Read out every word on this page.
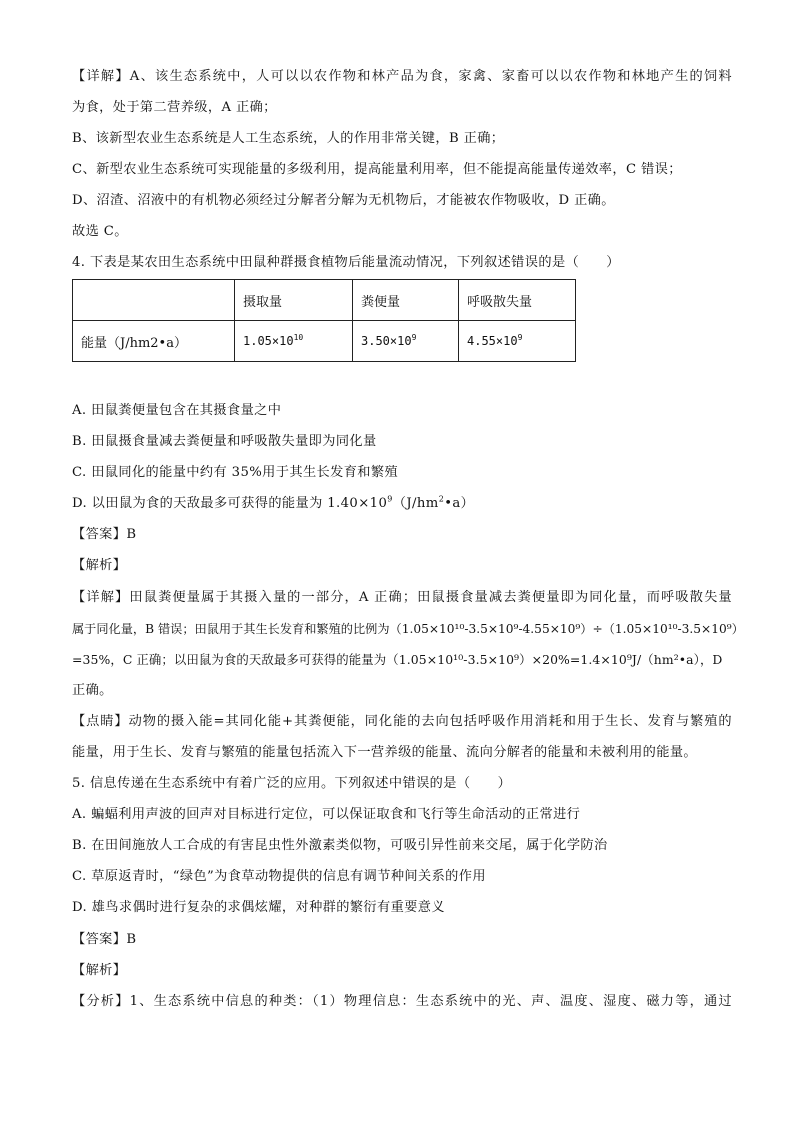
【详解】A、该生态系统中，人可以以农作物和林产品为食，家禽、家畜可以以农作物和林地产生的饲料
为食，处于第二营养级，A 正确；
B、该新型农业生态系统是人工生态系统，人的作用非常关键，B 正确；
C、新型农业生态系统可实现能量的多级利用，提高能量利用率，但不能提高能量传递效率，C 错误；
D、沼渣、沼液中的有机物必须经过分解者分解为无机物后，才能被农作物吸收，D 正确。
故选 C。
4. 下表是某农田生态系统中田鼠种群摄食植物后能量流动情况，下列叙述错误的是（　　）
	摄取量	粪便量	呼吸散失量
能量（J/hm2•a）	$1.05\times 10^{10}$	$3.50\times 10^9$	$4.55\times 10^9$
A. 田鼠粪便量包含在其摄食量之中
B. 田鼠摄食量减去粪便量和呼吸散失量即为同化量
C. 田鼠同化的能量中约有 35%用于其生长发育和繁殖
D. 以田鼠为食的天敌最多可获得的能量为 $1.40\times 10^9(J/hm^2•a)$
【答案】B
【解析】
【详解】田鼠粪便量属于其摄入量的一部分，A 正确；田鼠摄食量减去粪便量即为同化量，而呼吸散失量
属于同化量，B 错误；田鼠用于其生长发育和繁殖的比例为（1.05×10¹⁰-3.5×10⁹-4.55×10⁹）÷（1.05×10¹⁰-3.5×10⁹）
=35%，C 正确；以田鼠为食的天敌最多可获得的能量为（1.05×10¹⁰-3.5×10⁹）×20%=1.4×10⁹J/（hm²•a），D
正确。
【点睛】动物的摄入能=其同化能+其粪便能，同化能的去向包括呼吸作用消耗和用于生长、发育与繁殖的
能量，用于生长、发育与繁殖的能量包括流入下一营养级的能量、流向分解者的能量和未被利用的能量。
5. 信息传递在生态系统中有着广泛的应用。下列叙述中错误的是（　　）
A. 蝙蝠利用声波的回声对目标进行定位，可以保证取食和飞行等生命活动的正常进行
B. 在田间施放人工合成的有害昆虫性外激素类似物，可吸引异性前来交尾，属于化学防治
C. 草原返青时，“绿色”为食草动物提供的信息有调节种间关系的作用
D. 雄鸟求偶时进行复杂的求偶炫耀，对种群的繁衍有重要意义
【答案】B
【解析】
【分析】1、生态系统中信息的种类：（1）物理信息：生态系统中的光、声、温度、湿度、磁力等，通过
